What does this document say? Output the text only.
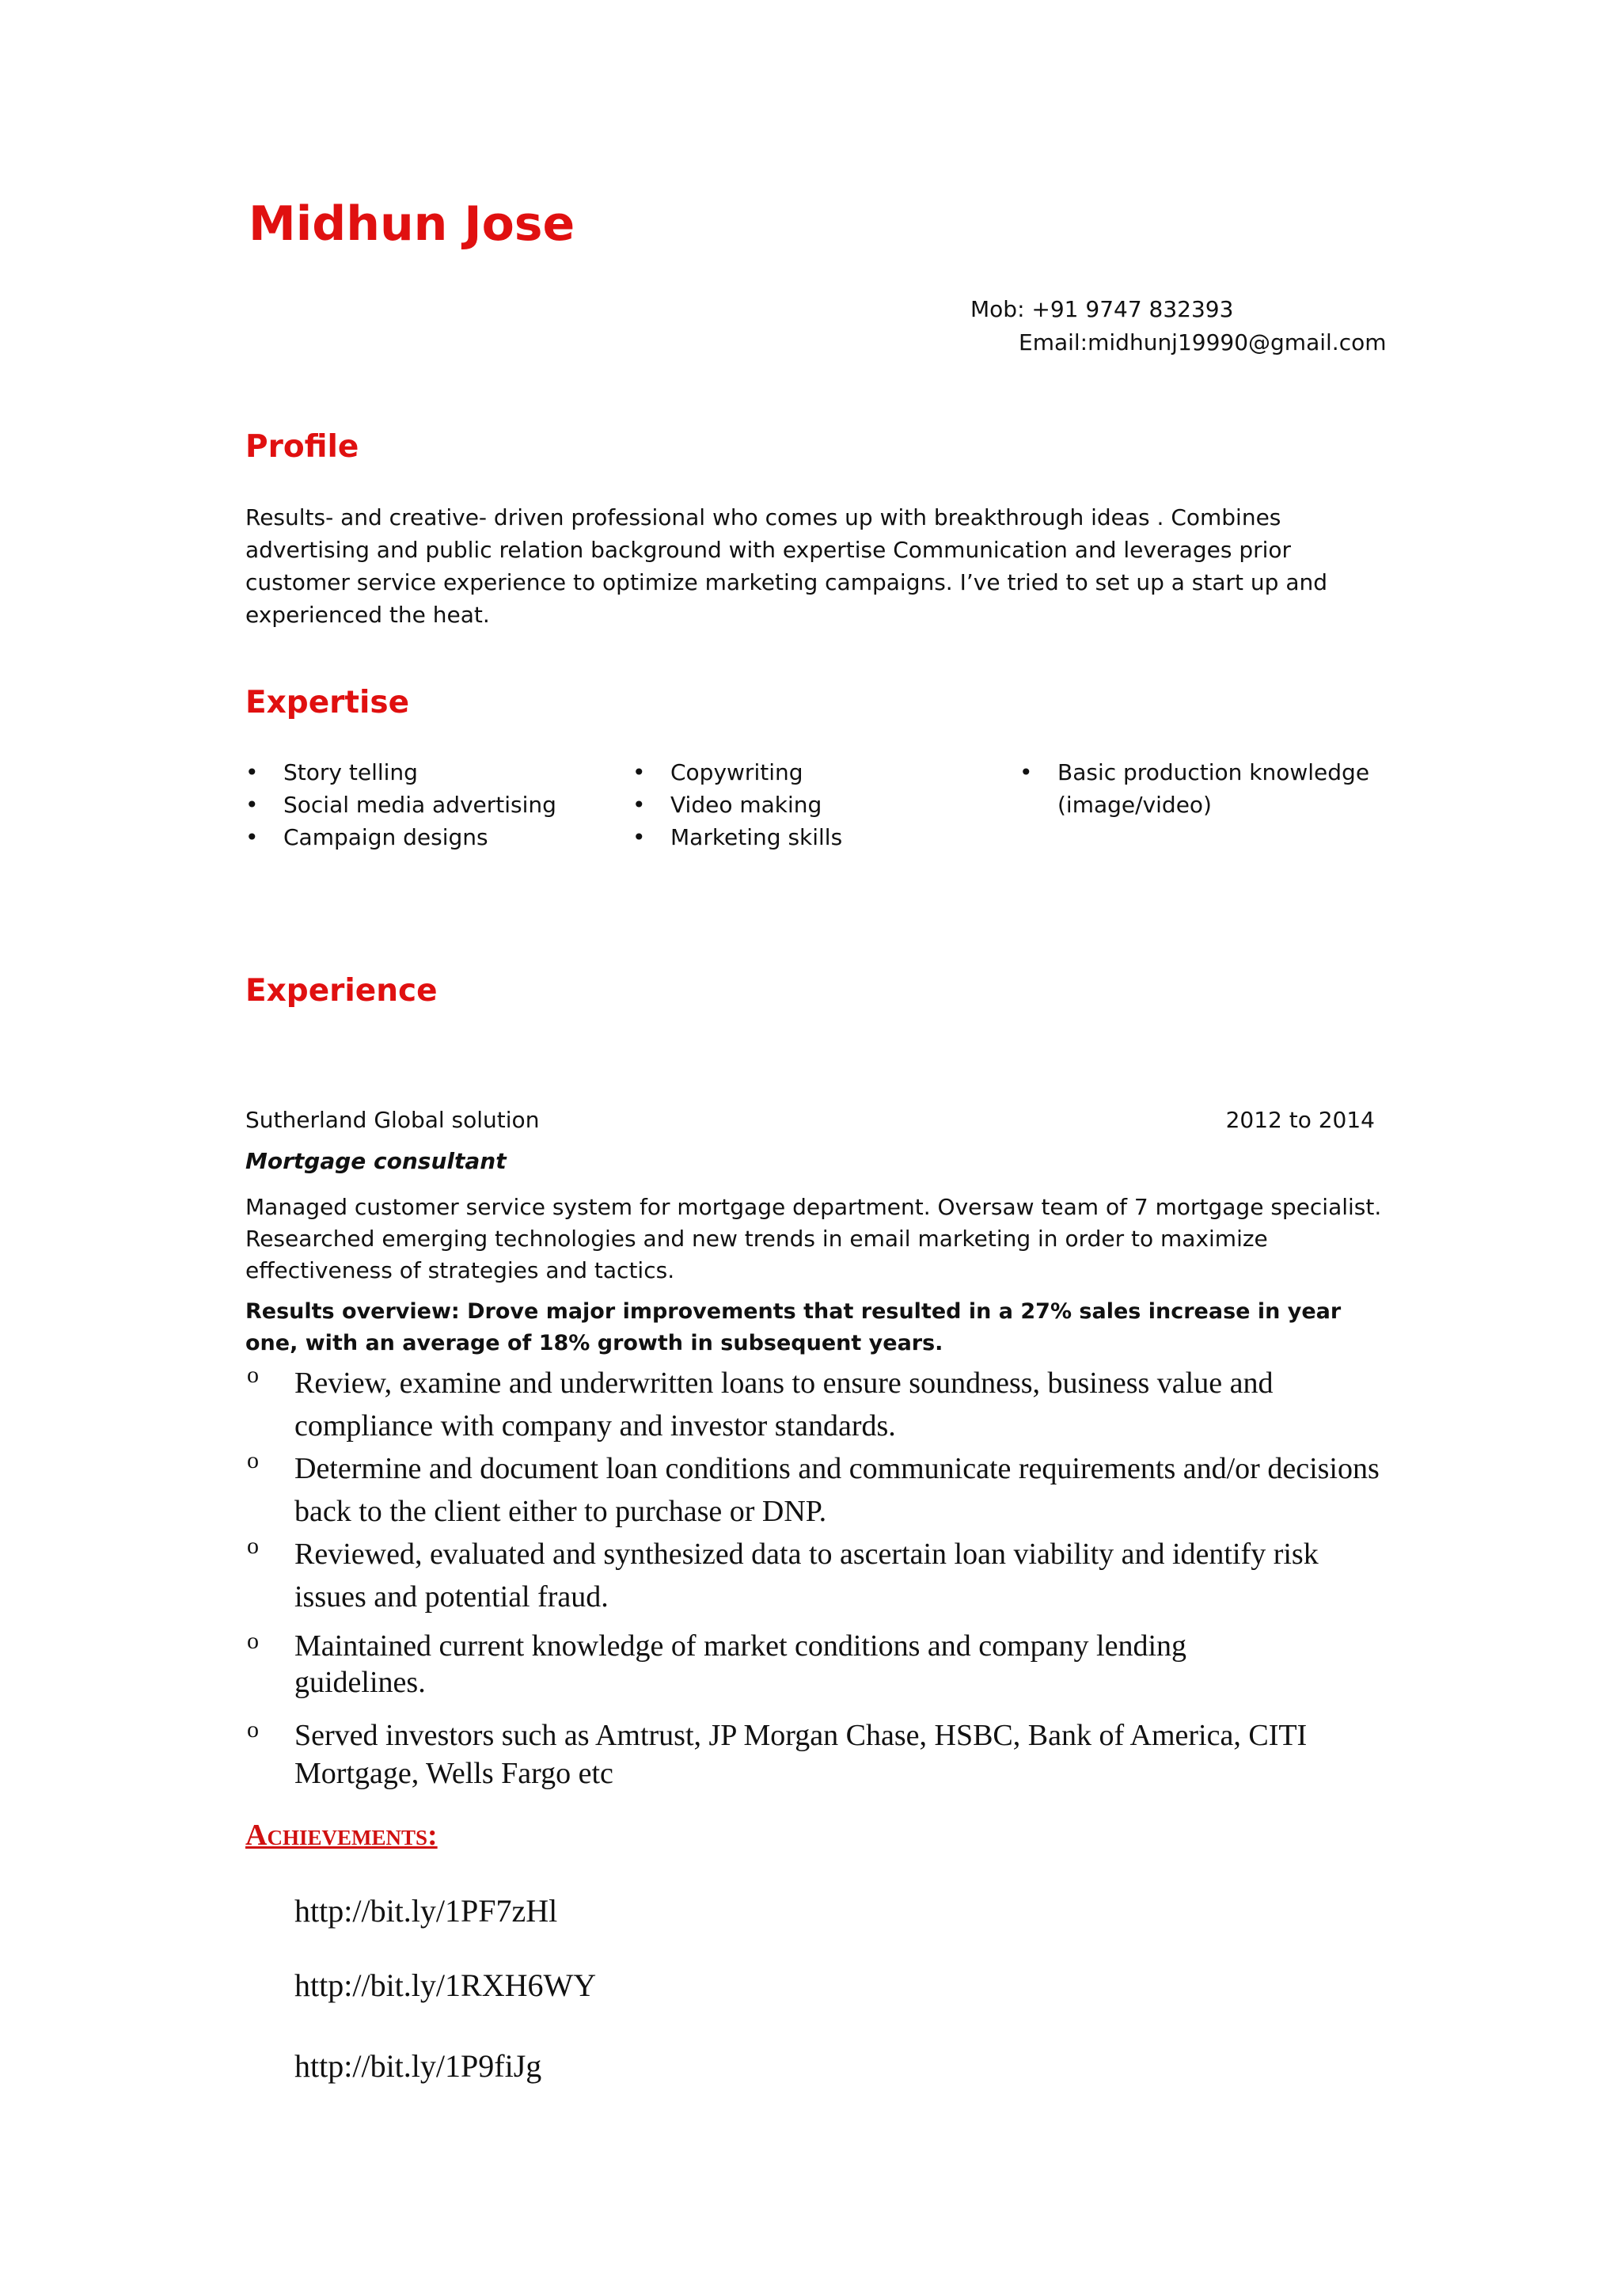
Midhun Jose
Mob: +91 9747 832393
Email:midhunj19990@gmail.com
Profile
Results- and creative- driven professional who comes up with breakthrough ideas . Combines advertising and public relation background with expertise Communication and leverages prior customer service experience to optimize marketing campaigns. I’ve tried to set up a start up and experienced the heat.
Expertise
• Story telling
• Social media advertising
• Campaign designs
• Copywriting
• Video making
• Marketing skills
• Basic production knowledge (image/video)
Experience
Sutherland Global solution	2012 to 2014
Mortgage consultant
Managed customer service system for mortgage department. Oversaw team of 7 mortgage specialist. Researched emerging technologies and new trends in email marketing in order to maximize effectiveness of strategies and tactics.
Results overview: Drove major improvements that resulted in a 27% sales increase in year one, with an average of 18% growth in subsequent years.
o Review, examine and underwritten loans to ensure soundness, business value and compliance with company and investor standards.
o Determine and document loan conditions and communicate requirements and/or decisions back to the client either to purchase or DNP.
o Reviewed, evaluated and synthesized data to ascertain loan viability and identify risk issues and potential fraud.
o Maintained current knowledge of market conditions and company lending guidelines.
o Served investors such as Amtrust, JP Morgan Chase, HSBC, Bank of America, CITI Mortgage, Wells Fargo etc
Achievements:
http://bit.ly/1PF7zHl
http://bit.ly/1RXH6WY
http://bit.ly/1P9fiJg
